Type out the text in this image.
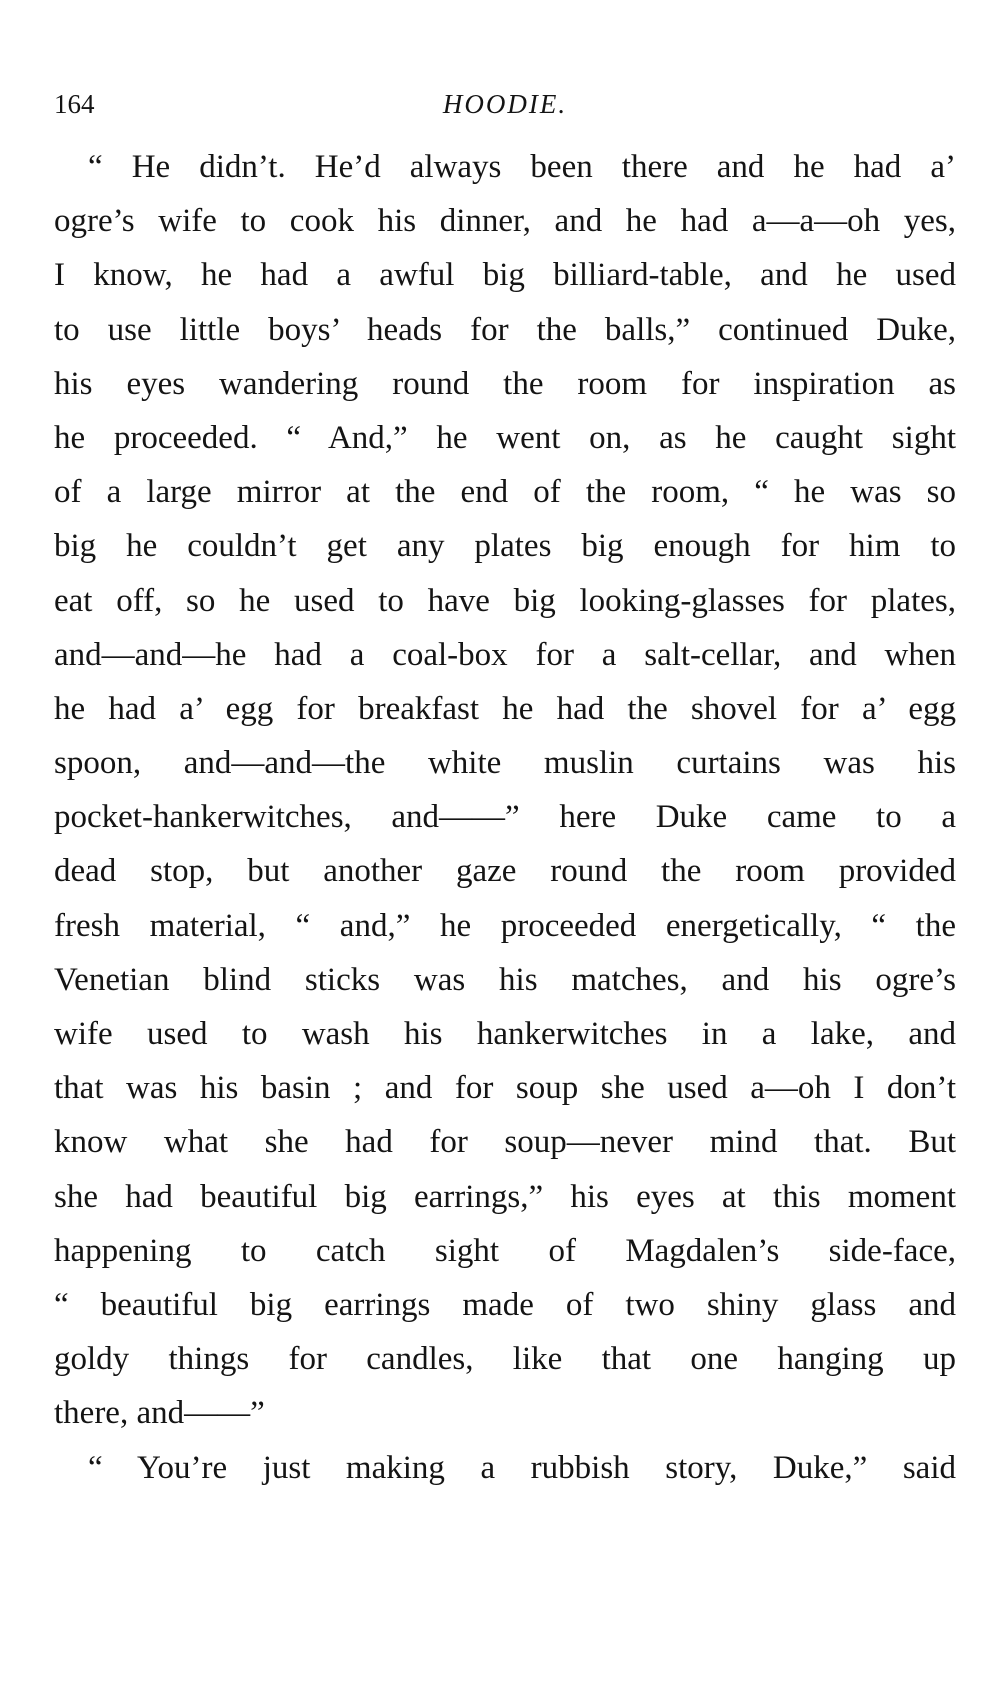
164	HOODIE.
“ He didn’t. He’d always been there and he had a’
ogre’s wife to cook his dinner, and he had a—a—oh yes,
I know, he had a awful big billiard-table, and he used
to use little boys’ heads for the balls,” continued Duke,
his eyes wandering round the room for inspiration as
he proceeded. “ And,” he went on, as he caught sight
of a large mirror at the end of the room, “ he was so
big he couldn’t get any plates big enough for him to
eat off, so he used to have big looking-glasses for plates,
and—and—he had a coal-box for a salt-cellar, and when
he had a’ egg for breakfast he had the shovel for a’ egg
spoon, and—and—the white muslin curtains was his
pocket-hankerwitches, and——” here Duke came to a
dead stop, but another gaze round the room provided
fresh material, “ and,” he proceeded energetically, “ the
Venetian blind sticks was his matches, and his ogre’s
wife used to wash his hankerwitches in a lake, and
that was his basin ; and for soup she used a—oh I don’t
know what she had for soup—never mind that. But
she had beautiful big earrings,” his eyes at this moment
happening to catch sight of Magdalen’s side-face,
“ beautiful big earrings made of two shiny glass and
goldy things for candles, like that one hanging up
there, and——”
“ You’re just making a rubbish story, Duke,” said
